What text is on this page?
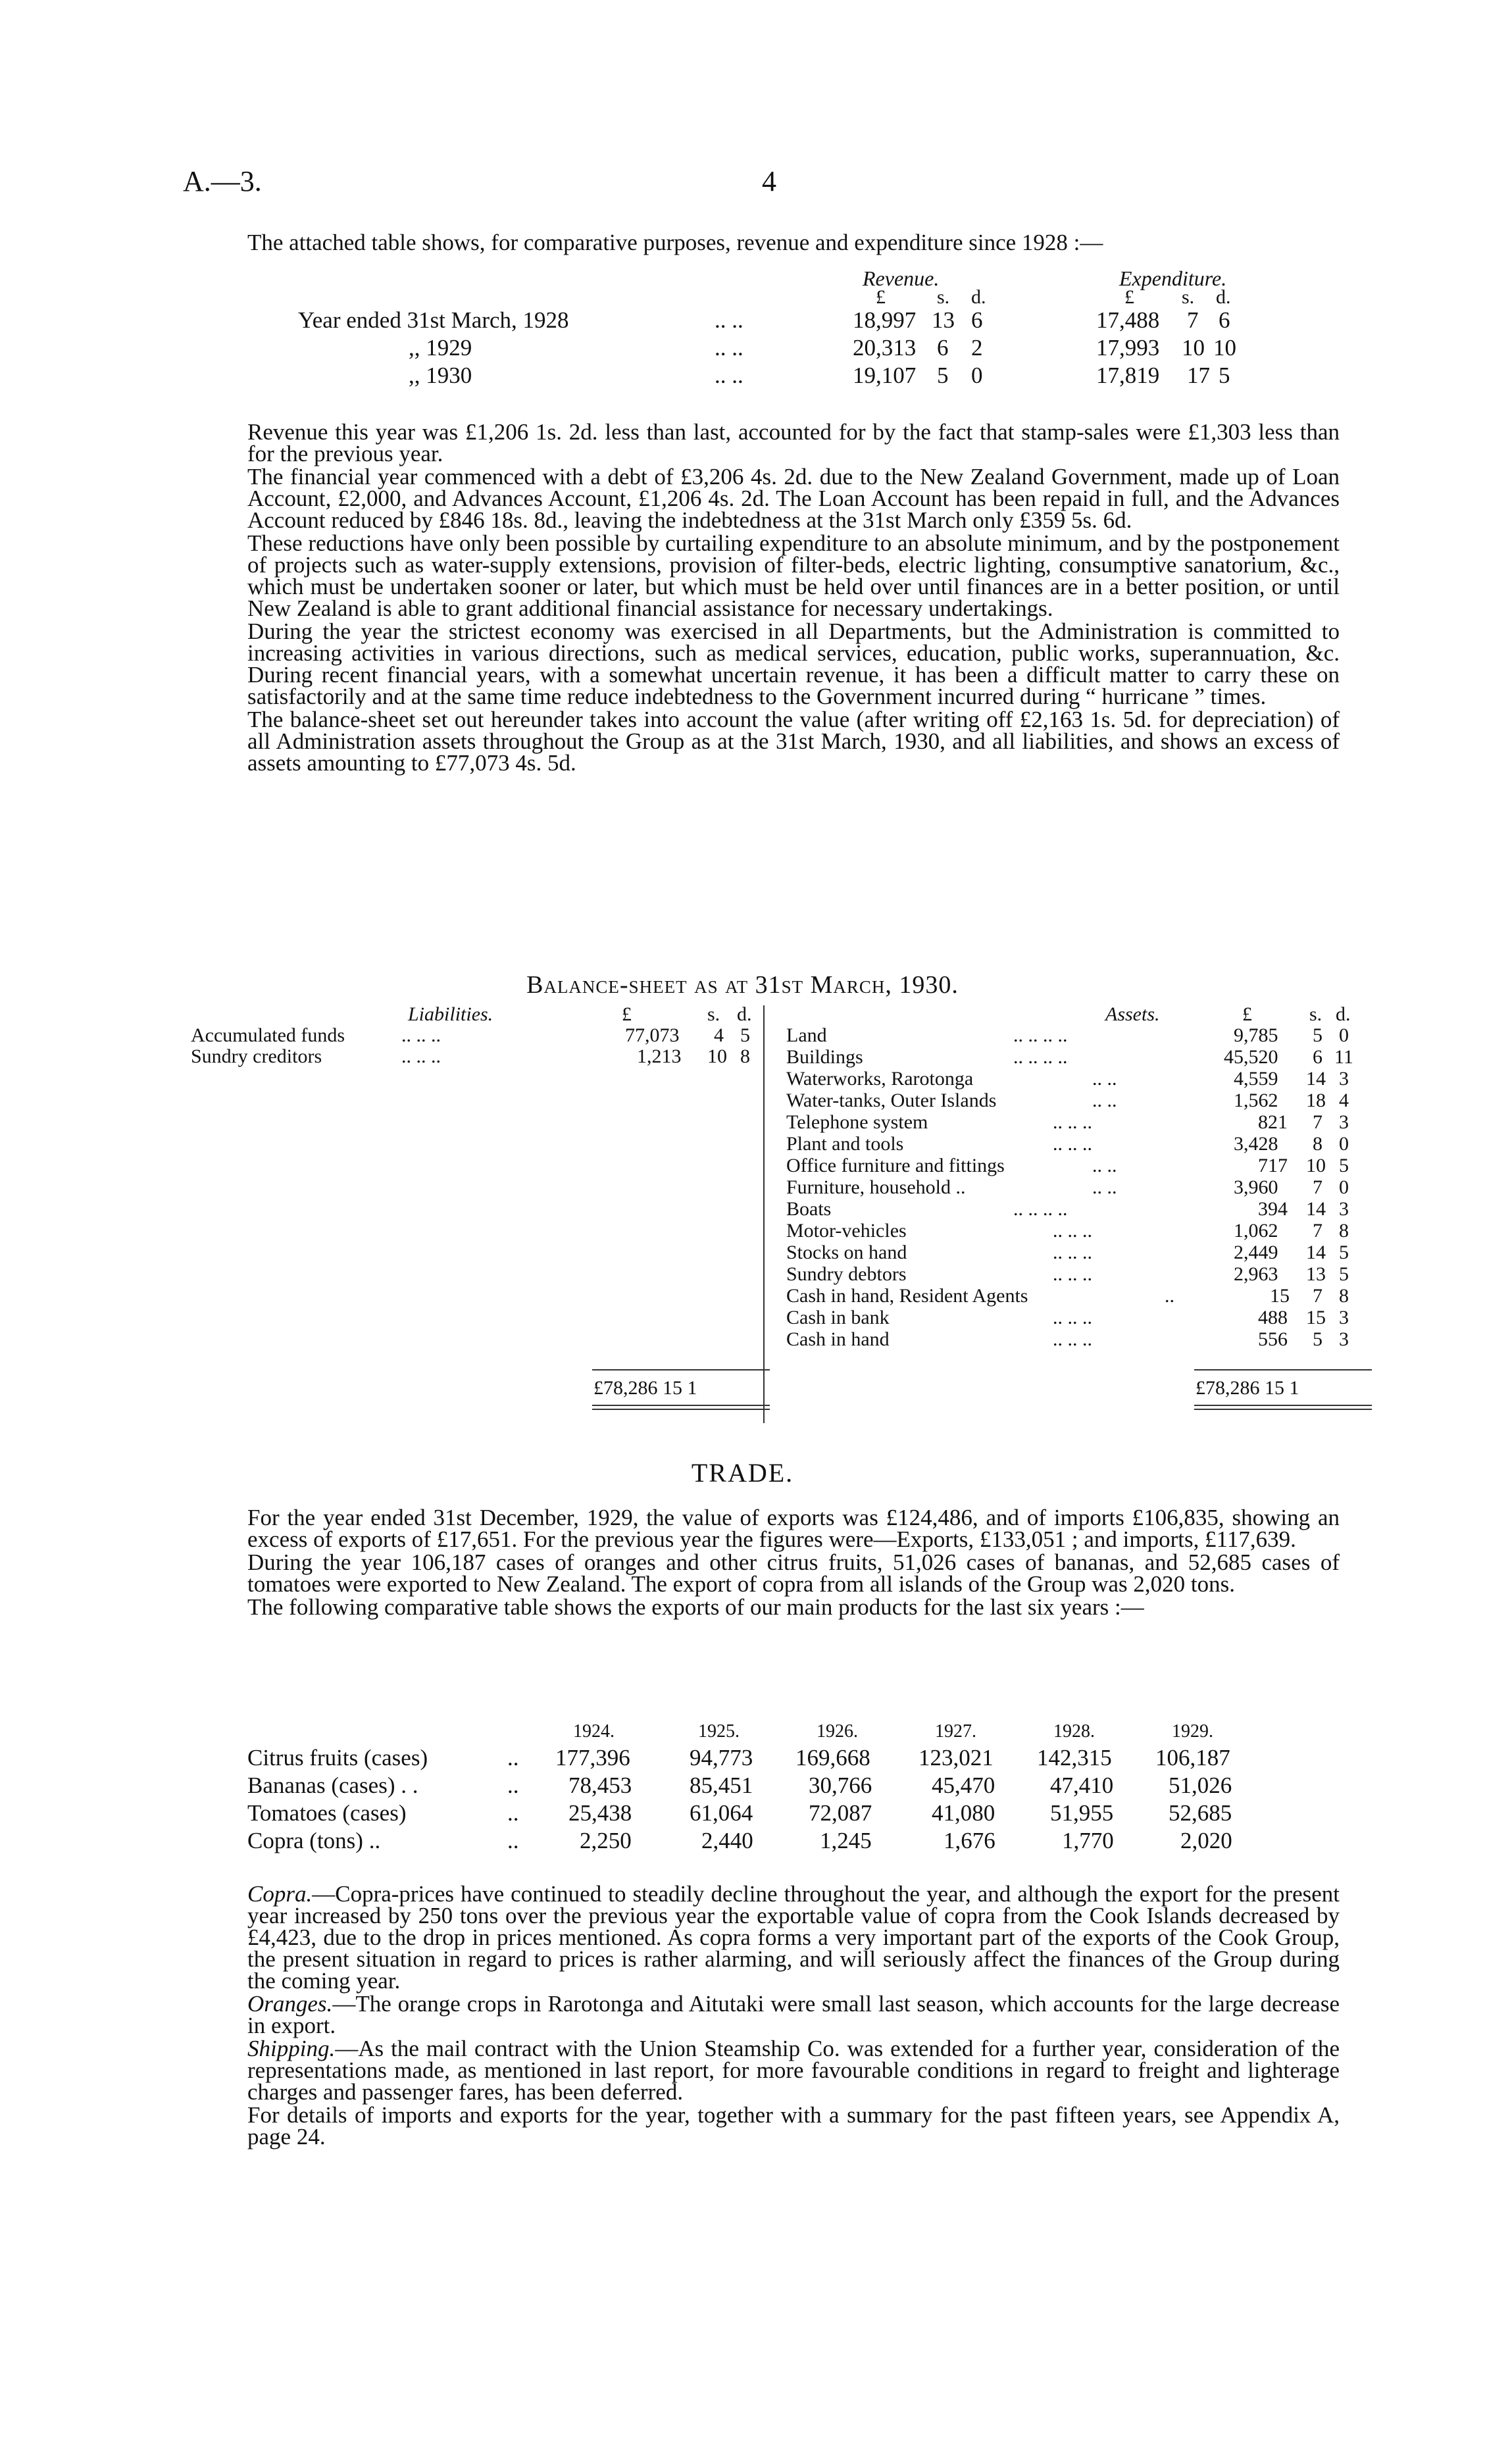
A.—3.	4

The attached table shows, for comparative purposes, revenue and expenditure since 1928 :—

Revenue.	Expenditure.
£	s. d.	£ s. d.
Year ended 31st March, 1928	.. ..	18,997 13 6	17,488 7 6
,, 1929	.. ..	20,313 6 2	17,993 10 10
,, 1930	.. ..	19,107 5 0	17,819 17 5

Revenue this year was £1,206 1s. 2d. less than last, accounted for by the fact that stamp-sales were £1,303 less than for the previous year.

The financial year commenced with a debt of £3,206 4s. 2d. due to the New Zealand Government, made up of Loan Account, £2,000, and Advances Account, £1,206 4s. 2d. The Loan Account has been repaid in full, and the Advances Account reduced by £846 18s. 8d., leaving the indebtedness at the 31st March only £359 5s. 6d.

These reductions have only been possible by curtailing expenditure to an absolute minimum, and by the postponement of projects such as water-supply extensions, provision of filter-beds, electric lighting, consumptive sanatorium, &c., which must be undertaken sooner or later, but which must be held over until finances are in a better position, or until New Zealand is able to grant additional financial assistance for necessary undertakings.

During the year the strictest economy was exercised in all Departments, but the Administration is committed to increasing activities in various directions, such as medical services, education, public works, superannuation, &c. During recent financial years, with a somewhat uncertain revenue, it has been a difficult matter to carry these on satisfactorily and at the same time reduce indebtedness to the Government incurred during “ hurricane ” times.

The balance-sheet set out hereunder takes into account the value (after writing off £2,163 1s. 5d. for depreciation) of all Administration assets throughout the Group as at the 31st March, 1930, and all liabilities, and shows an excess of assets amounting to £77,073 4s. 5d.

Balance-sheet as at 31st March, 1930.
Liabilities.	£	s. d.
Accumulated funds	.. .. ..	77,073 4 5
Sundry creditors	.. .. ..	1,213 10 8
Assets.	£	s. d.
Land	.. .. .. ..	9,785 5 0
Buildings	.. .. .. ..	45,520 6 11
Waterworks, Rarotonga	.. ..	4,559 14 3
Water-tanks, Outer Islands	.. ..	1,562 18 4
Telephone system	.. .. ..	821 7 3
Plant and tools	.. .. ..	3,428 8 0
Office furniture and fittings	.. ..	717 10 5
Furniture, household ..	.. ..	3,960 7 0
Boats	.. .. .. ..	394 14 3
Motor-vehicles	.. .. ..	1,062 7 8
Stocks on hand	.. .. ..	2,449 14 5
Sundry debtors	.. .. ..	2,963 13 5
Cash in hand, Resident Agents	..	15 7 8
Cash in bank	.. .. ..	488 15 3
Cash in hand	.. .. ..	556 5 3
£78,286 15 1	£78,286 15 1
TRADE.

For the year ended 31st December, 1929, the value of exports was £124,486, and of imports £106,835, showing an excess of exports of £17,651. For the previous year the figures were—Exports, £133,051 ; and imports, £117,639.

During the year 106,187 cases of oranges and other citrus fruits, 51,026 cases of bananas, and 52,685 cases of tomatoes were exported to New Zealand. The export of copra from all islands of the Group was 2,020 tons.

The following comparative table shows the exports of our main products for the last six years :—

1924.	1925.	1926.	1927.	1928.	1929.
Citrus fruits (cases)	.. 177,396	94,773 169,668 123,021 142,315 106,187
Bananas (cases) . .	.. 78,453	85,451 30,766	45,470 47,410 51,026
Tomatoes (cases)	.. 25,438	61,064 72,087	41,080 51,955 52,685
Copra (tons) ..	..	2,250	2,440	1,245	1,676	1,770	2,020

Copra.—Copra-prices have continued to steadily decline throughout the year, and although the export for the present year increased by 250 tons over the previous year the exportable value of copra from the Cook Islands decreased by £4,423, due to the drop in prices mentioned. As copra forms a very important part of the exports of the Cook Group, the present situation in regard to prices is rather alarming, and will seriously affect the finances of the Group during the coming year.

Oranges.—The orange crops in Rarotonga and Aitutaki were small last season, which accounts for the large decrease in export.

Shipping.—As the mail contract with the Union Steamship Co. was extended for a further year, consideration of the representations made, as mentioned in last report, for more favourable conditions in regard to freight and lighterage charges and passenger fares, has been deferred.

For details of imports and exports for the year, together with a summary for the past fifteen years, see Appendix A, page 24.
